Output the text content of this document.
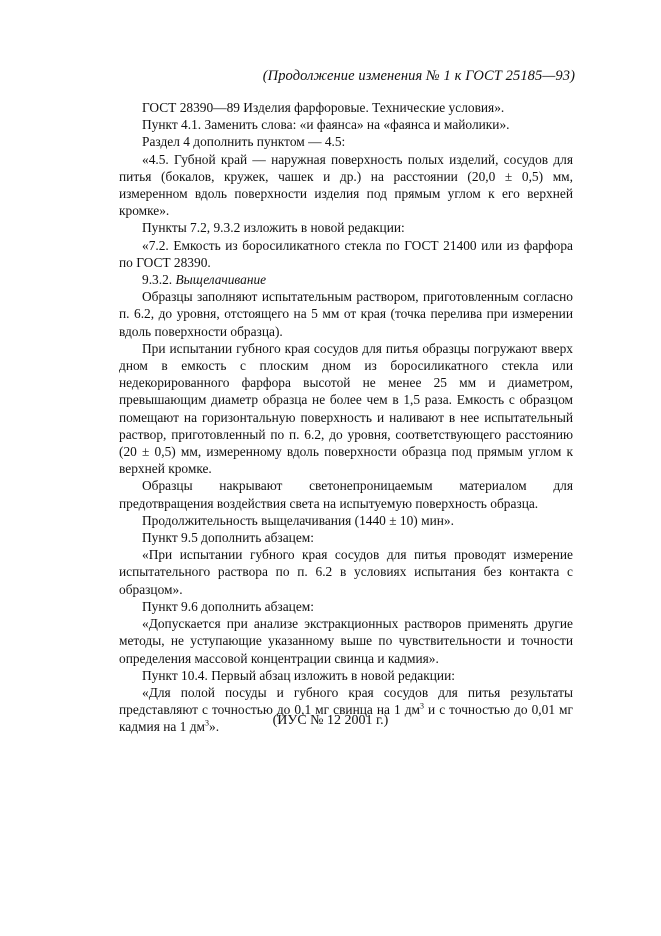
(Продолжение изменения № 1 к ГОСТ 25185—93)

ГОСТ 28390—89 Изделия фарфоровые. Технические условия».

Пункт 4.1. Заменить слова: «и фаянса» на «фаянса и майолики».

Раздел 4 дополнить пунктом — 4.5:

«4.5. Губной край — наружная поверхность полых изделий, сосудов для питья (бокалов, кружек, чашек и др.) на расстоянии (20,0 ± 0,5) мм, измеренном вдоль поверхности изделия под прямым углом к его верхней кромке».

Пункты 7.2, 9.3.2 изложить в новой редакции:

«7.2. Емкость из боросиликатного стекла по ГОСТ 21400 или из фарфора по ГОСТ 28390.

9.3.2. Выщелачивание

Образцы заполняют испытательным раствором, приготовленным согласно п. 6.2, до уровня, отстоящего на 5 мм от края (точка перелива при измерении вдоль поверхности образца).

При испытании губного края сосудов для питья образцы погружают вверх дном в емкость с плоским дном из боросиликатного стекла или недекорированного фарфора высотой не менее 25 мм и диаметром, превышающим диаметр образца не более чем в 1,5 раза. Емкость с образцом помещают на горизонтальную поверхность и наливают в нее испытательный раствор, приготовленный по п. 6.2, до уровня, соответствующего расстоянию (20 ± 0,5) мм, измеренному вдоль поверхности образца под прямым углом к верхней кромке.

Образцы накрывают светонепроницаемым материалом для предотвращения воздействия света на испытуемую поверхность образца.

Продолжительность выщелачивания (1440 ± 10) мин».

Пункт 9.5 дополнить абзацем:

«При испытании губного края сосудов для питья проводят измерение испытательного раствора по п. 6.2 в условиях испытания без контакта с образцом».

Пункт 9.6 дополнить абзацем:

«Допускается при анализе экстракционных растворов применять другие методы, не уступающие указанному выше по чувствительности и точности определения массовой концентрации свинца и кадмия».

Пункт 10.4. Первый абзац изложить в новой редакции:

«Для полой посуды и губного края сосудов для питья результаты представляют с точностью до 0,1 мг свинца на 1 $дм^3$ и с точностью до 0,01 мг кадмия на 1 $дм^3$».	(ИУС № 12 2001 г.)
